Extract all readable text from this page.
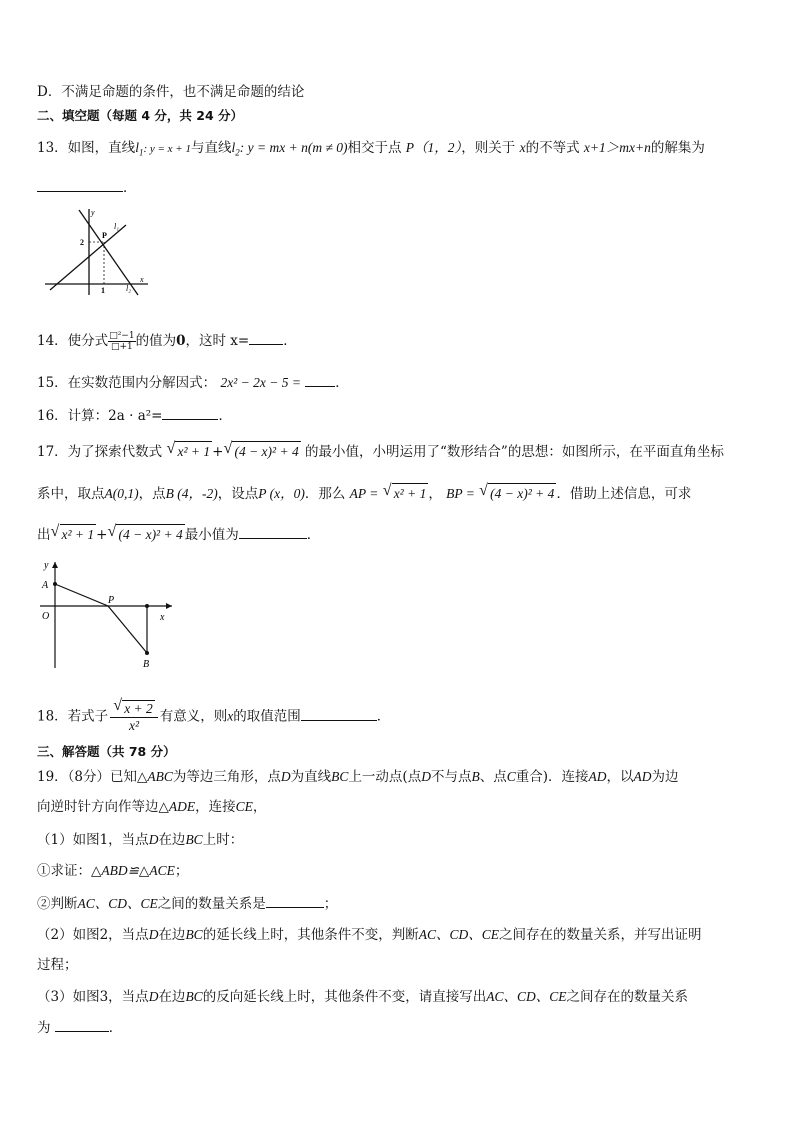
D．不满足命题的条件，也不满足命题的结论
二、填空题（每题 4 分，共 24 分）
13．如图，直线$l_1$: y = x + 1与直线$l_2$: y = mx + n(m ≠ 0)相交于点 P（1，2），则关于 x的不等式 x+1＞mx+n的解集为
．
y
x
P
2
1
l₁
l₂
14．使分式 $\frac{\text{□²−1}}{□+1}$ 的值为0，这时 x=	．
15．在实数范围内分解因式： 2x² − 2x − 5 =	．
16．计算：2a · a²=	．
17．为了探索代数式 √ x² + 1 + √ (4 − x)² + 4 的最小值，小明运用了“数形结合”的思想：如图所示，在平面直角坐标
系中，取点A(0,1)，点B (4，-2)，设点P (x，0)．那么 AP = √ x² + 1 ， BP = √ (4 − x)² + 4 ．借助上述信息，可求
出 √ x² + 1 + √ (4 − x)² + 4 最小值为	．
y
x
A
O
P
B
18．若式子 $\frac{√ x + 2}{\text{x²}}$ 有意义，则x的取值范围	．
三、解答题（共 78 分）
19．（8分）已知△ABC为等边三角形，点D为直线BC上一动点(点D不与点B、点C重合)．连接AD，以AD为边
向逆时针方向作等边△ADE，连接CE，
（1）如图1，当点D在边BC上时：
①求证：△ABD≌△ACE；
②判断AC、CD、CE之间的数量关系是	；
（2）如图2，当点D在边BC的延长线上时，其他条件不变，判断AC、CD、CE之间存在的数量关系，并写出证明
过程；
（3）如图3，当点D在边BC的反向延长线上时，其他条件不变，请直接写出AC、CD、CE之间存在的数量关系
为	．
